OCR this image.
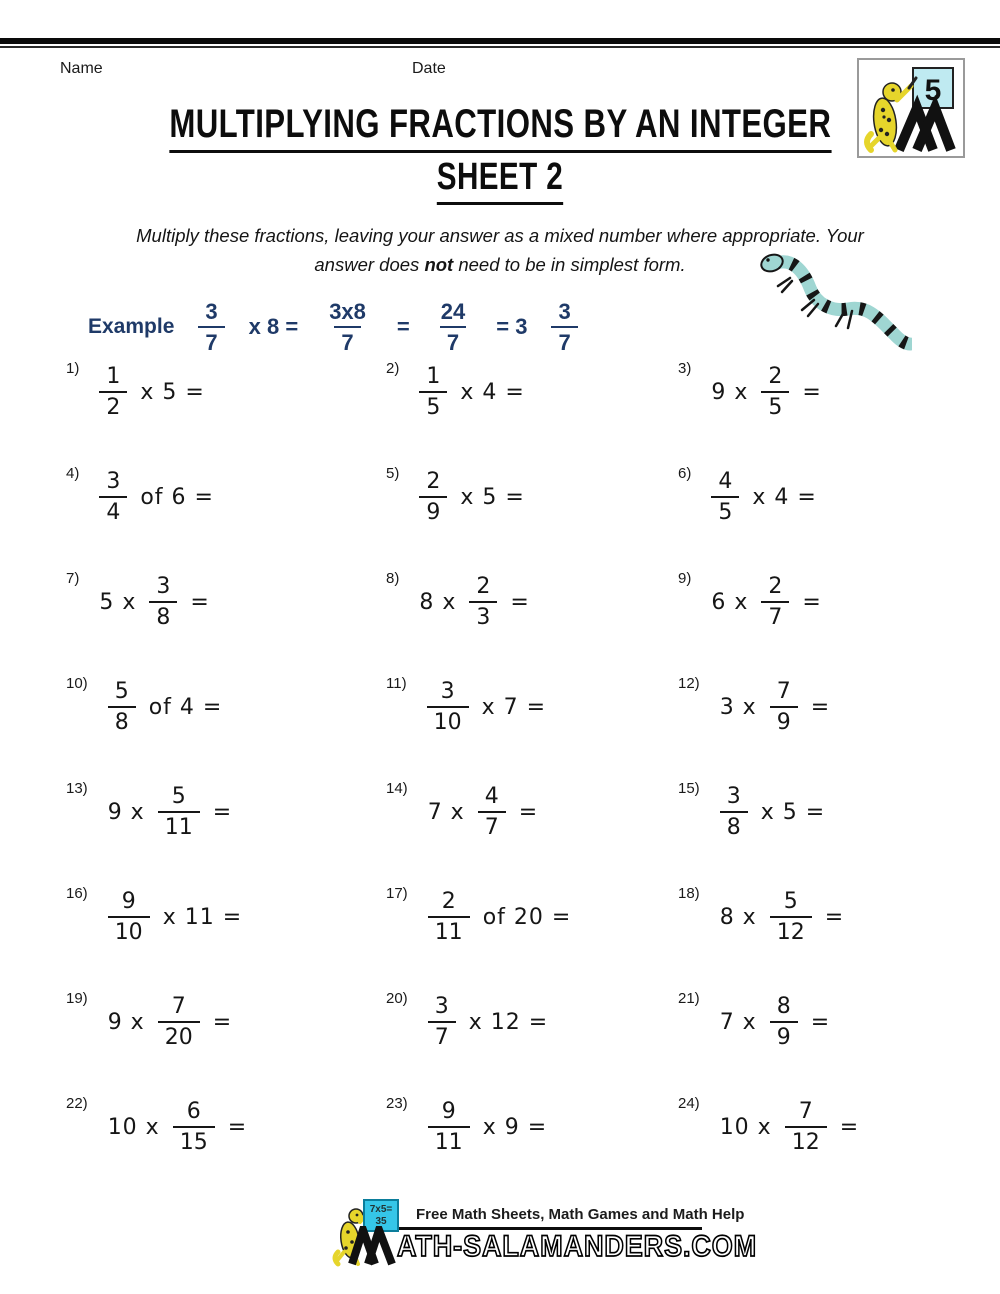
Name	Date
5
MULTIPLYING FRACTIONS BY AN INTEGER
SHEET 2
Multiply these fractions, leaving your answer as a mixed number where appropriate. Your
answer does not need to be in simplest form.
Example $\frac{3}{7}$ x $8 = \frac{3x8}{7} = \frac{24}{7} = 3 \frac{3}{7}$
$1) \frac{1}{2}$ x 5 =
$2) \frac{1}{5}$ x 4 =
3)
9 x $\frac{2}{5}$ =
$4) \frac{3}{4}$ of 6 =
$5) \frac{2}{9}$ x 5 =
$6) \frac{4}{5}$ x 4 =
7)
5 x $\frac{3}{8}$ =
8)
8 x $\frac{2}{3}$ =
9)
6 x $\frac{2}{7}$ =
$10) \frac{5}{8}$ of 4 =
$11) \frac{3}{10}$ x 7 =
12)
3 x $\frac{7}{9}$ =
13)
9 x $\frac{5}{11}$ =
14)
7 x $\frac{4}{7}$ =
$15) \frac{3}{8}$ x 5 =
$16) \frac{9}{10}$ x 11 =
$17) \frac{2}{11}$ of 20 =
18)
8 x $\frac{5}{12}$ =
19)
9 x $\frac{7}{20}$ =
$20) \frac{3}{7}$ x 12 =
21)
7 x $\frac{8}{9}$ =
22)
10 x $\frac{6}{15}$ =
$23) \frac{9}{11}$ x 9 =
24)
10 x $\frac{7}{12}$ =
7x5=
35	Free Math Sheets, Math Games and Math Help
ATH-SALAMANDERS.COM
